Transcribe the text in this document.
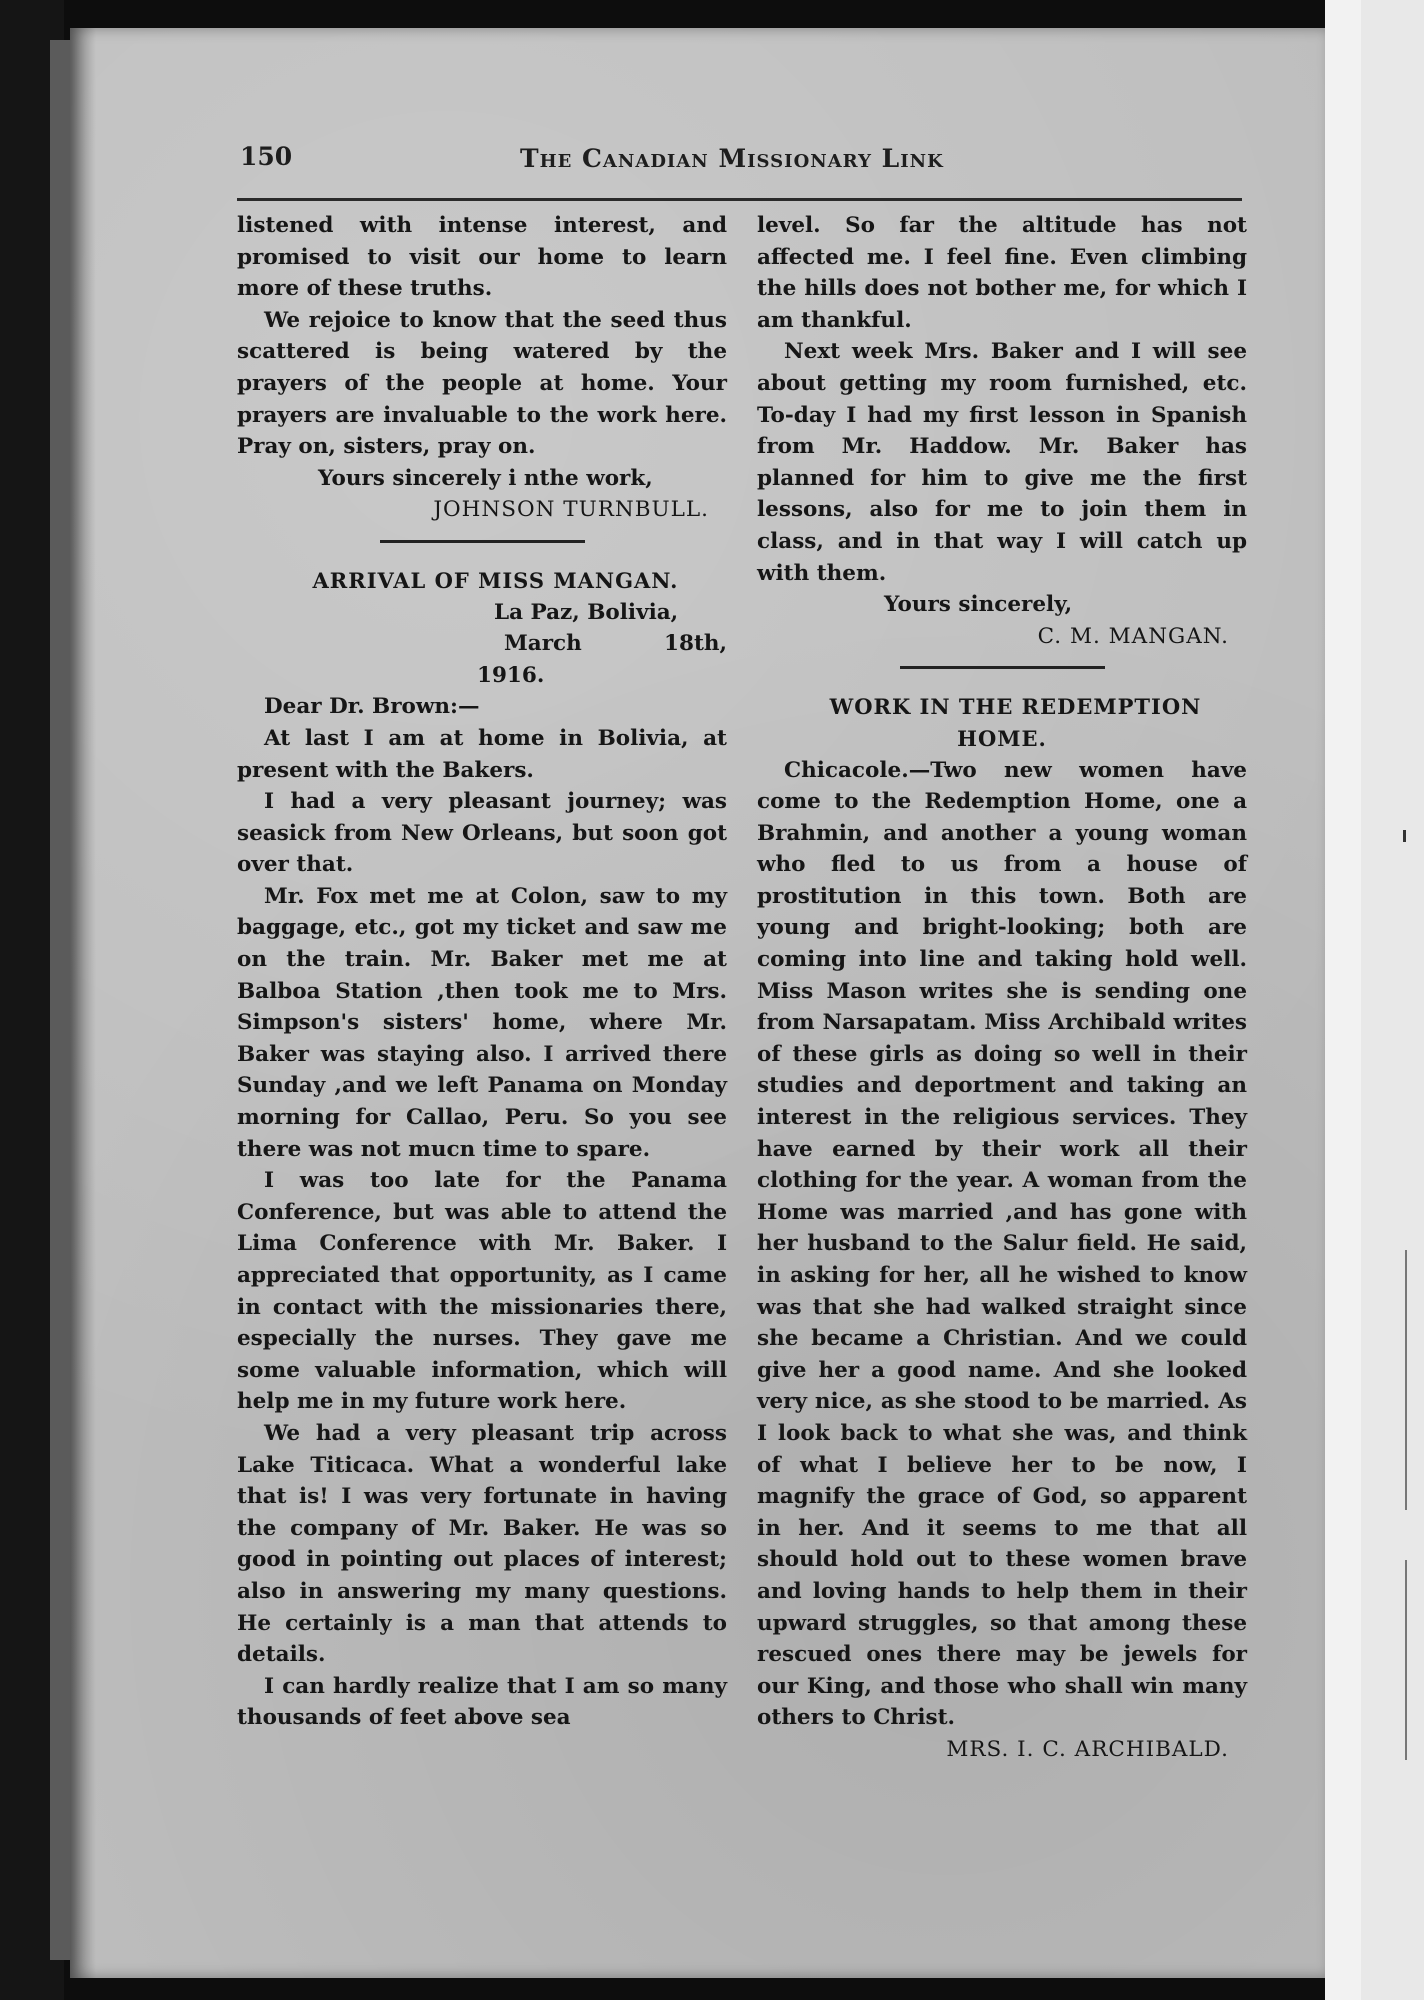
150	The Canadian Missionary Link

listened with intense interest, and promised to visit our home to learn more of these truths.

We rejoice to know that the seed thus scattered is being watered by the prayers of the people at home. Your prayers are invaluable to the work here. Pray on, sisters, pray on.

Yours sincerely i nthe work,

JOHNSON TURNBULL.

ARRIVAL OF MISS MANGAN.

La Paz, Bolivia,

March 18th, 1916.

Dear Dr. Brown:—

At last I am at home in Bolivia, at present with the Bakers.

I had a very pleasant journey; was seasick from New Orleans, but soon got over that.

Mr. Fox met me at Colon, saw to my baggage, etc., got my ticket and saw me on the train. Mr. Baker met me at Balboa Station ,then took me to Mrs. Simpson's sisters' home, where Mr. Baker was staying also. I arrived there Sunday ,and we left Panama on Monday morning for Callao, Peru. So you see there was not mucn time to spare.

I was too late for the Panama Conference, but was able to attend the Lima Conference with Mr. Baker. I appreciated that opportunity, as I came in contact with the missionaries there, especially the nurses. They gave me some valuable information, which will help me in my future work here.

We had a very pleasant trip across Lake Titicaca. What a wonderful lake that is! I was very fortunate in having the company of Mr. Baker. He was so good in pointing out places of interest; also in answering my many questions. He certainly is a man that attends to details.

I can hardly realize that I am so many thousands of feet above sea

level. So far the altitude has not affected me. I feel fine. Even climbing the hills does not bother me, for which I am thankful.

Next week Mrs. Baker and I will see about getting my room furnished, etc. To-day I had my first lesson in Spanish from Mr. Haddow. Mr. Baker has planned for him to give me the first lessons, also for me to join them in class, and in that way I will catch up with them.

Yours sincerely,

C. M. MANGAN.

WORK IN THE REDEMPTION HOME.

Chicacole.—Two new women have come to the Redemption Home, one a Brahmin, and another a young woman who fled to us from a house of prostitution in this town. Both are young and bright-looking; both are coming into line and taking hold well. Miss Mason writes she is sending one from Narsapatam. Miss Archibald writes of these girls as doing so well in their studies and deportment and taking an interest in the religious services. They have earned by their work all their clothing for the year. A woman from the Home was married ,and has gone with her husband to the Salur field. He said, in asking for her, all he wished to know was that she had walked straight since she became a Christian. And we could give her a good name. And she looked very nice, as she stood to be married. As I look back to what she was, and think of what I believe her to be now, I magnify the grace of God, so apparent in her. And it seems to me that all should hold out to these women brave and loving hands to help them in their upward struggles, so that among these rescued ones there may be jewels for our King, and those who shall win many others to Christ.

MRS. I. C. ARCHIBALD.
